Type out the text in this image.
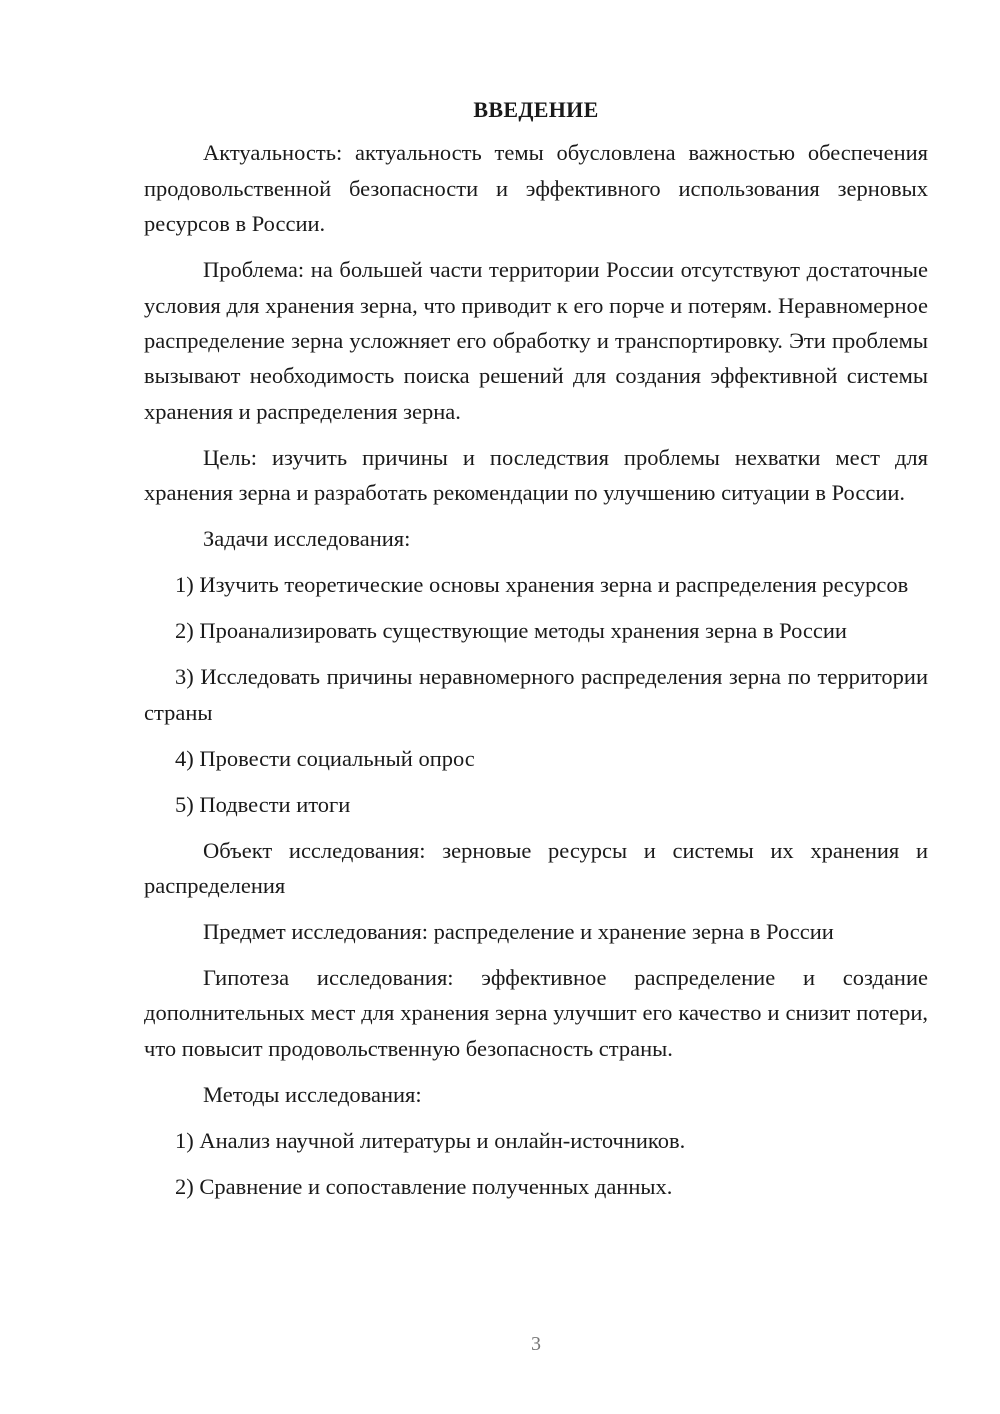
ВВЕДЕНИЕ

Актуальность: актуальность темы обусловлена важностью обеспечения продовольственной безопасности и эффективного использования зерновых ресурсов в России.

Проблема: на большей части территории России отсутствуют достаточные условия для хранения зерна, что приводит к его порче и потерям. Неравномерное распределение зерна усложняет его обработку и транспортировку. Эти проблемы вызывают необходимость поиска решений для создания эффективной системы хранения и распределения зерна.

Цель: изучить причины и последствия проблемы нехватки мест для хранения зерна и разработать рекомендации по улучшению ситуации в России.

Задачи исследования:

1) Изучить теоретические основы хранения зерна и распределения ресурсов

2) Проанализировать существующие методы хранения зерна в России

3) Исследовать причины неравномерного распределения зерна по территории страны

4) Провести социальный опрос

5) Подвести итоги

Объект исследования: зерновые ресурсы и системы их хранения и распределения

Предмет исследования: распределение и хранение зерна в России

Гипотеза исследования: эффективное распределение и создание дополнительных мест для хранения зерна улучшит его качество и снизит потери, что повысит продовольственную безопасность страны.

Методы исследования:

1) Анализ научной литературы и онлайн-источников.

2) Сравнение и сопоставление полученных данных.

3
